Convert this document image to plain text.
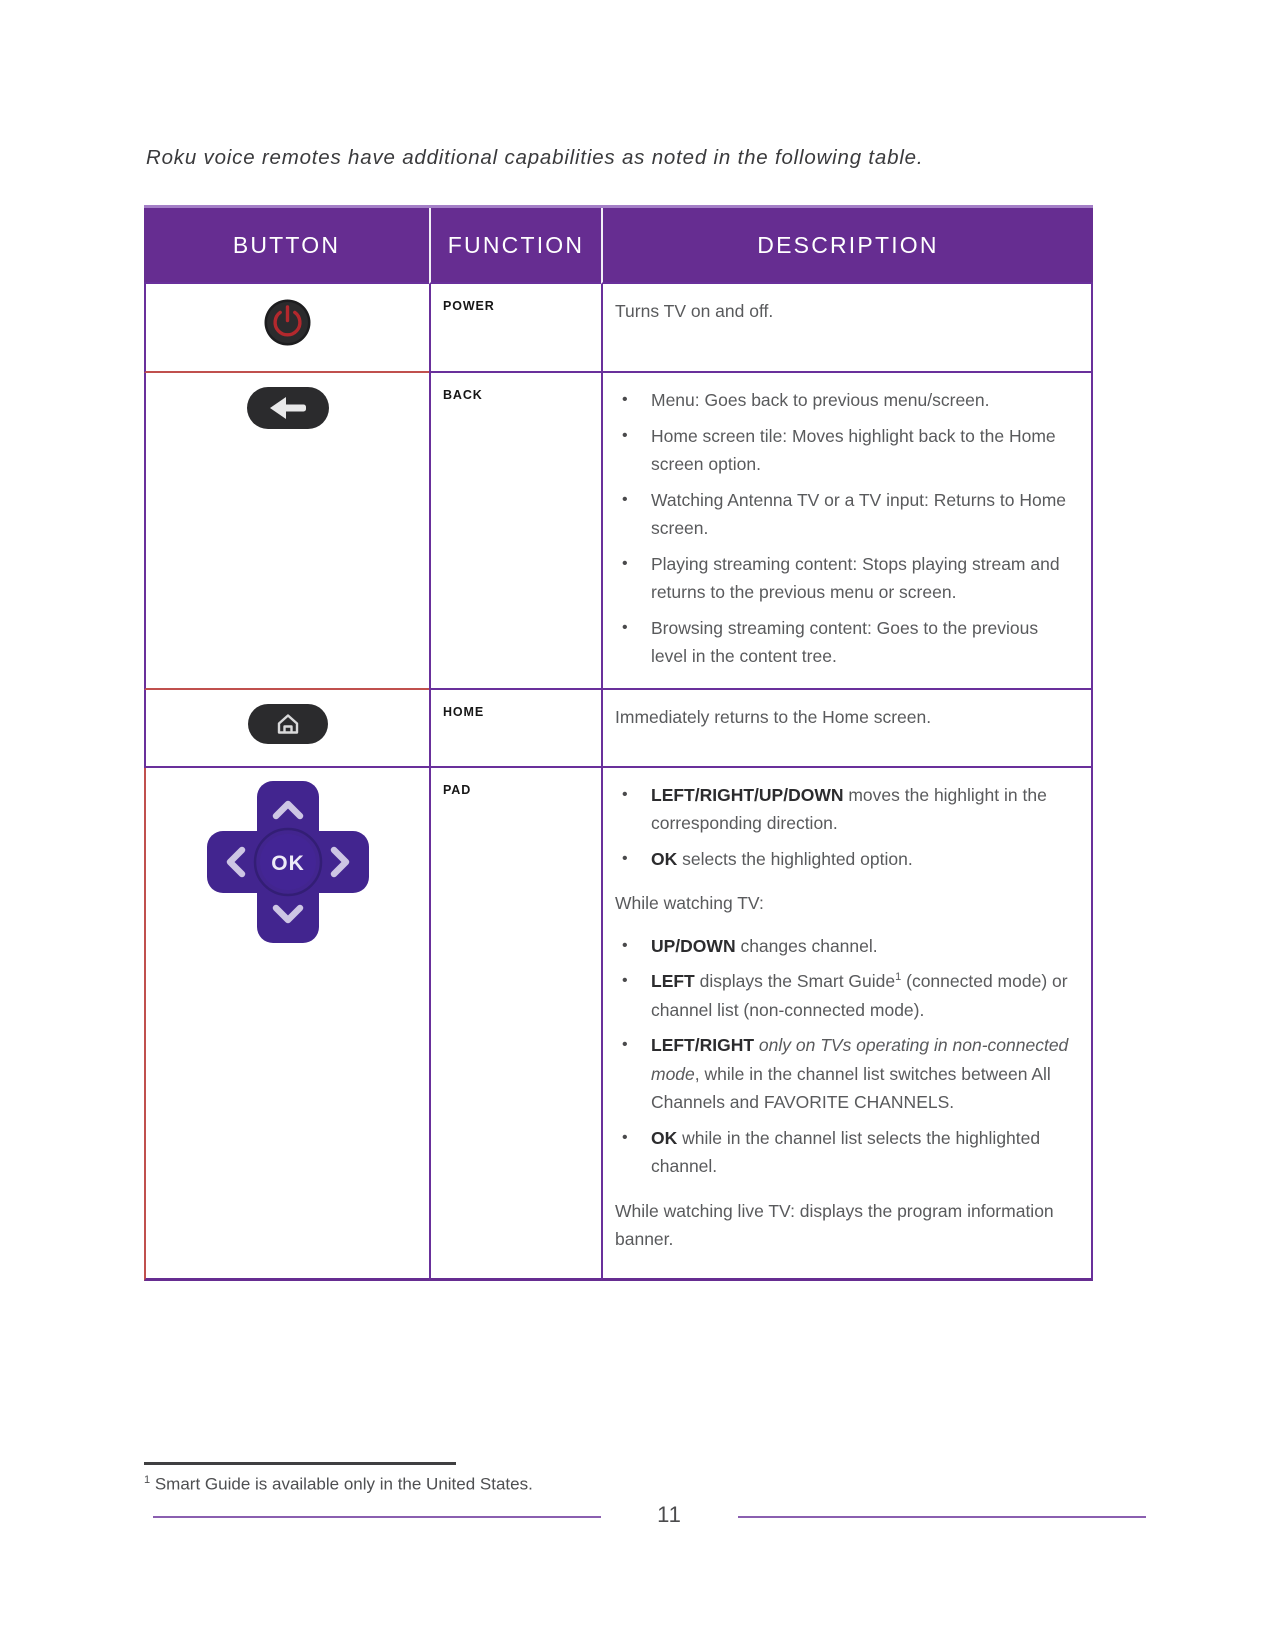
Roku voice remotes have additional capabilities as noted in the following table.
BUTTON	FUNCTION	DESCRIPTION
POWER	Turns TV on and off.
BACK	•	Menu: Goes back to previous menu/screen.
•	Home screen tile: Moves highlight back to the Home screen option.
•	Watching Antenna TV or a TV input: Returns to Home screen.
•	Playing streaming content: Stops playing stream and returns to the previous menu or screen.
•	Browsing streaming content: Goes to the previous level in the content tree.
HOME	Immediately returns to the Home screen.
OK
PAD	•	LEFT/RIGHT/UP/DOWN moves the highlight in the corresponding direction.
•	OK selects the highlighted option.
While watching TV:
•	UP/DOWN changes channel.
•	LEFT displays the Smart Guide$^1$ (connected mode) or channel list (non-connected mode).
•	LEFT/RIGHT only on TVs operating in non-connected mode, while in the channel list switches between All Channels and FAVORITE CHANNELS.
•	OK while in the channel list selects the highlighted channel.
While watching live TV: displays the program information banner.
$^1$ Smart Guide is available only in the United States.
11
